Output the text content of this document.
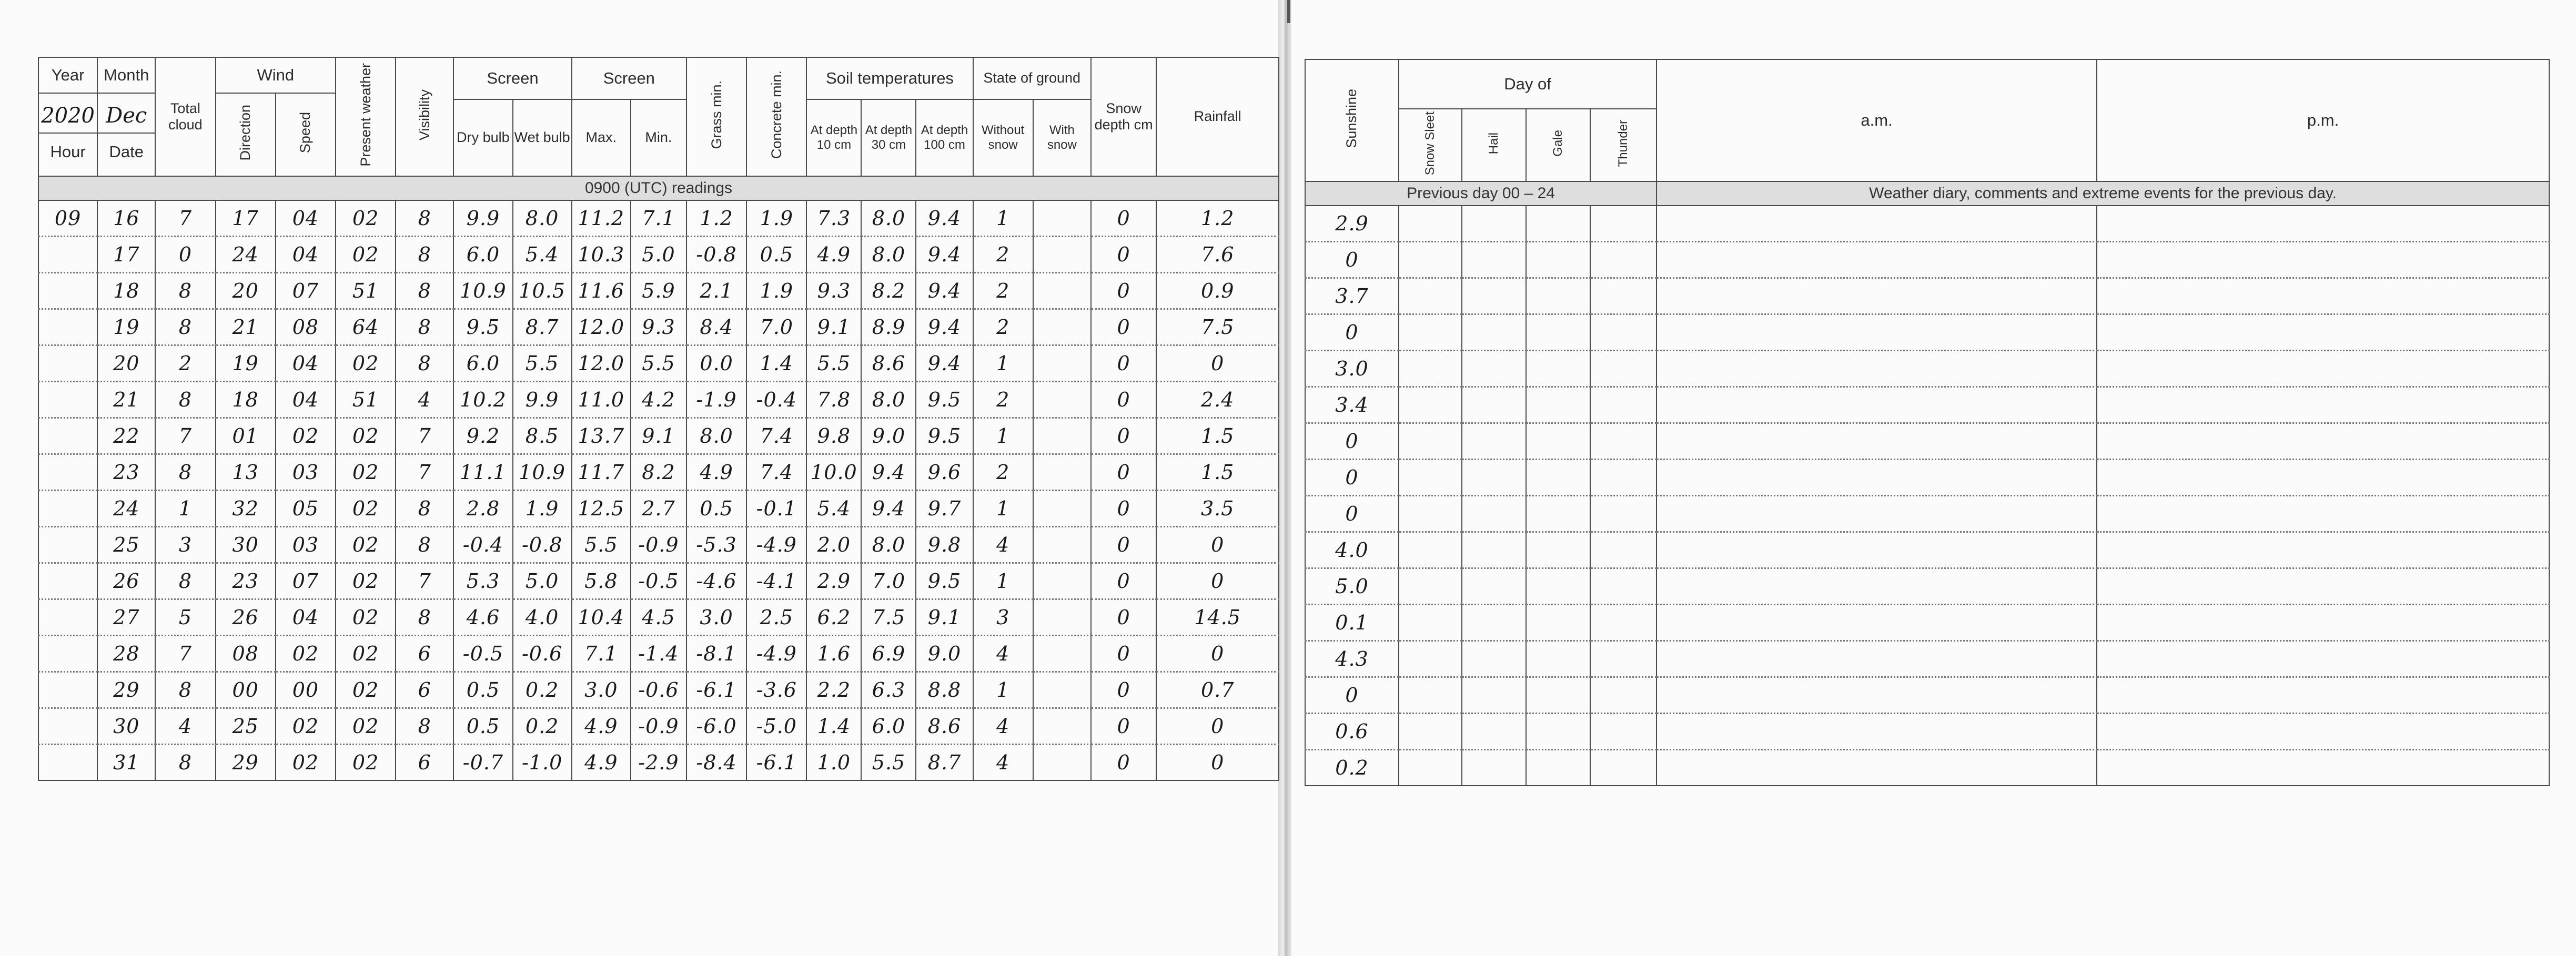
Year	Month	Total cloud	Wind		Present weather	Visibility	Screen		Screen		Grass min.	Concrete min.	Soil temperatures			State of ground		Snow depth cm	Rainfall

2020
Hour	Dec
Date		Direction	Speed															
							Dry bulb	Wet bulb	Max.	Min.			At depth 10 cm	At depth 30 cm	At depth 100 cm	Without snow	With snow		
0900 (UTC) readings																			
09	16	7	17	04	02	8	9.9	8.0	11.2	7.1	1.2	1.9	7.3	8.0	9.4	1		0	1.2
	17	0	24	04	02	8	6.0	5.4	10.3	5.0	-0.8	0.5	4.9	8.0	9.4	2		0	7.6
	18	8	20	07	51	8	10.9	10.5	11.6	5.9	2.1	1.9	9.3	8.2	9.4	2		0	0.9
	19	8	21	08	64	8	9.5	8.7	12.0	9.3	8.4	7.0	9.1	8.9	9.4	2		0	7.5
	20	2	19	04	02	8	6.0	5.5	12.0	5.5	0.0	1.4	5.5	8.6	9.4	1		0	0
	21	8	18	04	51	4	10.2	9.9	11.0	4.2	-1.9	-0.4	7.8	8.0	9.5	2		0	2.4
	22	7	01	02	02	7	9.2	8.5	13.7	9.1	8.0	7.4	9.8	9.0	9.5	1		0	1.5
	23	8	13	03	02	7	11.1	10.9	11.7	8.2	4.9	7.4	10.0	9.4	9.6	2		0	1.5
	24	1	32	05	02	8	2.8	1.9	12.5	2.7	0.5	-0.1	5.4	9.4	9.7	1		0	3.5
	25	3	30	03	02	8	-0.4	-0.8	5.5	-0.9	-5.3	-4.9	2.0	8.0	9.8	4		0	0
	26	8	23	07	02	7	5.3	5.0	5.8	-0.5	-4.6	-4.1	2.9	7.0	9.5	1		0	0
	27	5	26	04	02	8	4.6	4.0	10.4	4.5	3.0	2.5	6.2	7.5	9.1	3		0	14.5
	28	7	08	02	02	6	-0.5	-0.6	7.1	-1.4	-8.1	-4.9	1.6	6.9	9.0	4		0	0
	29	8	00	00	02	6	0.5	0.2	3.0	-0.6	-6.1	-3.6	2.2	6.3	8.8	1		0	0.7
	30	4	25	02	02	8	0.5	0.2	4.9	-0.9	-6.0	-5.0	1.4	6.0	8.6	4		0	0
	31	8	29	02	02	6	-0.7	-1.0	4.9	-2.9	-8.4	-6.1	1.0	5.5	8.7	4		0	0
Sunshine	Day of				a.m.	p.m.
	Snow Sleet	Hail	Gale	Thunder		
Previous day 00 – 24					Weather diary, comments and extreme events for the previous day.	
2.9						
0						
3.7						
0						
3.0						
3.4						
0						
0						
0						
4.0						
5.0						
0.1						
4.3						
0						
0.6						
0.2						
